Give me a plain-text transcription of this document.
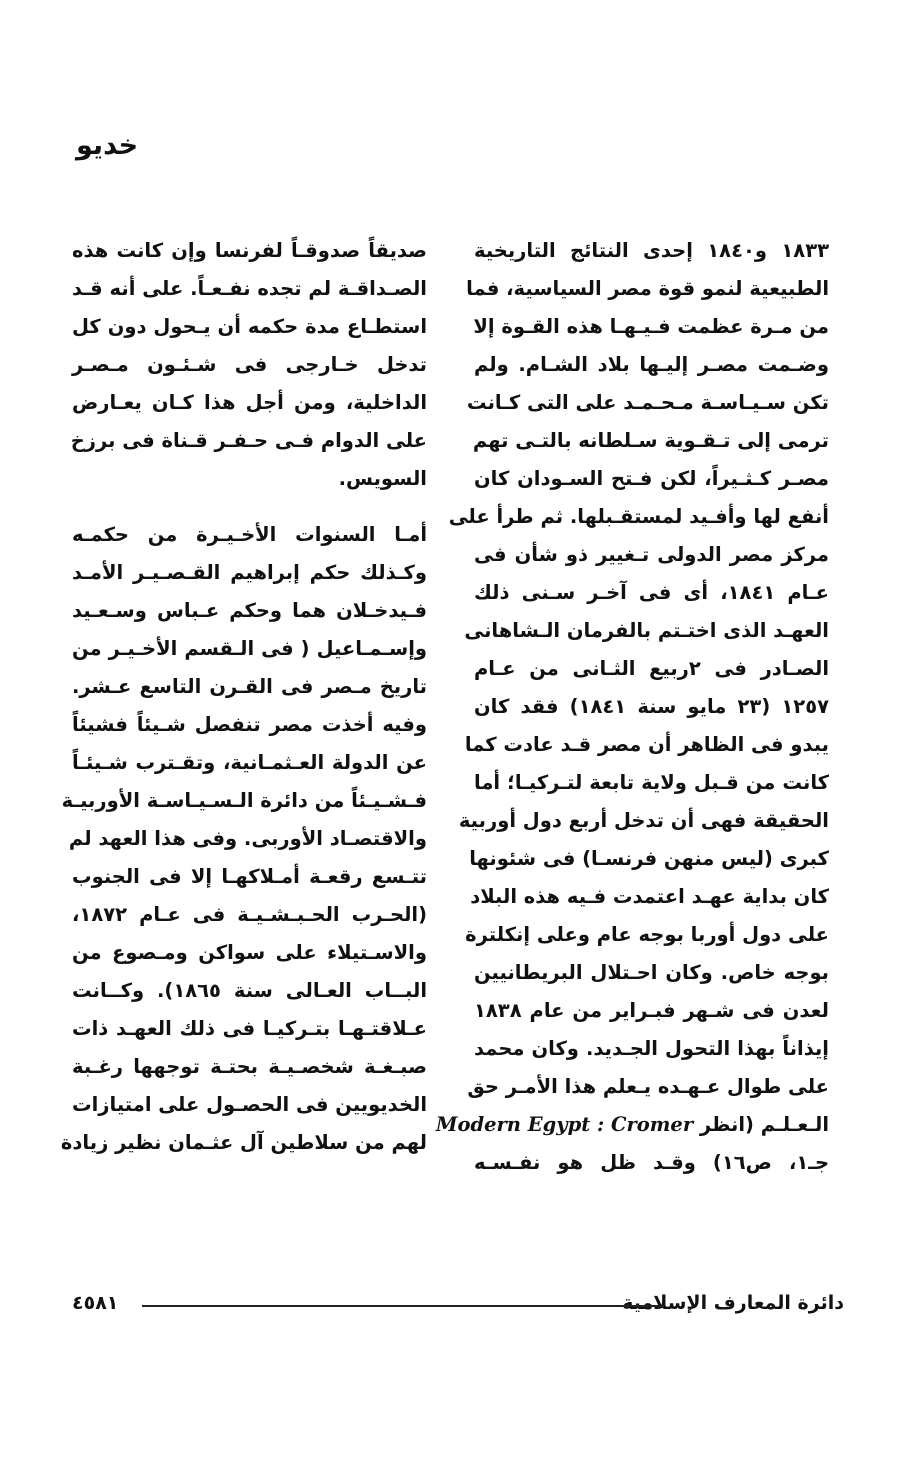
خديو
١٨٣٣ و١٨٤٠ إحدى النتائج التاريخية
الطبيعية لنمو قوة مصر السياسية، فما
من مـرة عظمت فـيـهـا هذه القـوة إلا
وضـمت مصـر إليـها بلاد الشـام. ولم
تكن سـيـاسـة مـحـمـد على التى كـانت
ترمى إلى تـقـوية سـلطانه بالتـى تهم
مصـر كـثـيراً، لكن فـتح السـودان كان
أنفع لها وأفـيد لمستقـبلها. ثم طرأ على
مركز مصر الدولى تـغيير ذو شأن فى
عـام ١٨٤١، أى فى آخـر سـنى ذلك
العهـد الذى اختـتم بالفرمان الـشاهانى
الصـادر فى ٢ربيع الثـانى من عـام
١٢٥٧ (٢٣ مايو سنة ١٨٤١) فقد كان
يبدو فى الظاهر أن مصر قـد عادت كما
كانت من قـبل ولاية تابعة لتـركيـا؛ أما
الحقيقة فهى أن تدخل أربع دول أوربية
كبرى (ليس منهن فرنسـا) فى شئونها
كان بداية عهـد اعتمدت فـيه هذه البلاد
على دول أوربا بوجه عام وعلى إنكلترة
بوجه خاص. وكان احـتلال البريطانيين
لعدن فى شـهر فبـراير من عام ١٨٣٨
إيذاناً بهذا التحول الجـديد. وكان محمد
على طوال عـهـده يـعلم هذا الأمـر حق
الـعـلـم (انظر Modern Egypt : Cromer
جـ١، ص١٦) وقـد ظل هو نفـسـه
صديقاً صدوقـاً لفرنسا وإن كانت هذه
الصـداقـة لم تجده نفـعـاً. على أنه قـد
استطـاع مدة حكمه أن يـحول دون كل
تدخل خـارجى فى شـئـون مـصـر
الداخلية، ومن أجل هذا كـان يعـارض
على الدوام فـى حـفـر قـناة فى برزخ
السويس.
أمـا السنوات الأخـيـرة من حكمـه
وكـذلك حكم إبراهيم القـصـيـر الأمـد
فـيدخـلان هما وحكم عـباس وسـعـيد
وإسـمـاعيل ( فى الـقسم الأخـيـر من
تاريخ مـصر فى القـرن التاسع عـشر.
وفيه أخذت مصر تنفصل شـيئاً فشيئاً
عن الدولة العـثمـانية، وتقـترب شـيئـاً
فـشـيـئاً من دائرة الـسـيـاسـة الأوربيـة
والاقتصـاد الأوربى. وفى هذا العهد لم
تتـسع رقعـة أمـلاكهـا إلا فى الجنوب
(الحـرب الحـبـشـيـة فى عـام ١٨٧٢،
والاسـتيلاء على سواكن ومـصوع من
البــاب العـالى سنة ١٨٦٥). وكــانت
عـلاقتـهـا بتـركيـا فى ذلك العهـد ذات
صبـغـة شخصـيـة بحتـة توجهها رغـبة
الخديويين فى الحصـول على امتيازات
لهم من سلاطين آل عثـمان نظير زيادة
دائرة المعارف الإسلامية
٤٥٨١
